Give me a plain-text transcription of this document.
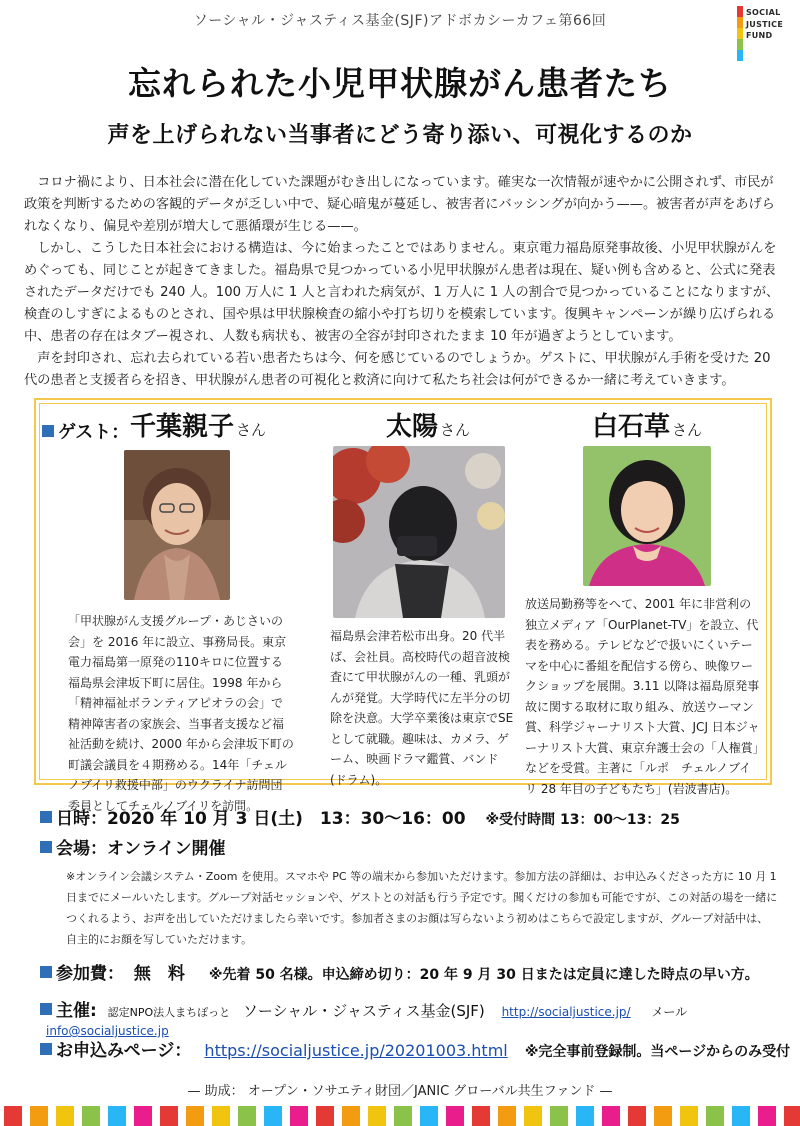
ソーシャル・ジャスティス基金(SJF)アドボカシーカフェ第66回
SOCIAL
JUSTICE
FUND
忘れられた小児甲状腺がん患者たち
声を上げられない当事者にどう寄り添い、可視化するのか

コロナ禍により、日本社会に潜在化していた課題がむき出しになっています。確実な一次情報が速やかに公開されず、市民が政策を判断するための客観的データが乏しい中で、疑心暗鬼が蔓延し、被害者にバッシングが向かう——。被害者が声をあげられなくなり、偏見や差別が増大して悪循環が生じる——。

しかし、こうした日本社会における構造は、今に始まったことではありません。東京電力福島原発事故後、小児甲状腺がんをめぐっても、同じことが起きてきました。福島県で見つかっている小児甲状腺がん患者は現在、疑い例も含めると、公式に発表されたデータだけでも 240 人。100 万人に 1 人と言われた病気が、1 万人に 1 人の割合で見つかっていることになりますが、検査のしすぎによるものとされ、国や県は甲状腺検査の縮小や打ち切りを模索しています。復興キャンペーンが繰り広げられる中、患者の存在はタブー視され、人数も病状も、被害の全容が封印されたまま 10 年が過ぎようとしています。

声を封印され、忘れ去られている若い患者たちは今、何を感じているのでしょうか。ゲストに、甲状腺がん手術を受けた 20 代の患者と支援者らを招き、甲状腺がん患者の可視化と救済に向けて私たち社会は何ができるか一緒に考えていきます。

ゲスト： 千葉親子 さん
「甲状腺がん支援グループ・あじさいの会」を 2016 年に設立、事務局長。東京電力福島第一原発の110キロに位置する福島県会津坂下町に居住。1998 年から「精神福祉ボランティアピオラの会」で精神障害者の家族会、当事者支援など福祉活動を続け、2000 年から会津坂下町の町議会議員を４期務める。14年「チェルノブイリ救援中部」のウクライナ訪問団委員としてチェルノブイリを訪問。
太陽 さん
福島県会津若松市出身。20 代半ば、会社員。高校時代の超音波検査にて甲状腺がんの一種、乳頭がんが発覚。大学時代に左半分の切除を決意。大学卒業後は東京でSE として就職。趣味は、カメラ、ゲーム、映画ドラマ鑑賞、バンド(ドラム)。
白石草 さん
放送局勤務等をへて、2001 年に非営利の独立メディア「OurPlanet-TV」を設立、代表を務める。テレビなどで扱いにくいテーマを中心に番組を配信する傍ら、映像ワークショップを展開。3.11 以降は福島原発事故に関する取材に取り組み、放送ウーマン賞、科学ジャーナリスト大賞、JCJ 日本ジャーナリスト大賞、東京弁護士会の「人権賞」などを受賞。主著に「ルポ　チェルノブイリ 28 年目の子どもたち」(岩波書店)。
日時：2020 年 10 月 3 日(土)　13：30〜16：00 ※受付時間 13：00〜13：25
会場：オンライン開催
※オンライン会議システム・Zoom を使用。スマホや PC 等の端末から参加いただけます。参加方法の詳細は、お申込みくださった方に 10 月 1 日までにメールいたします。グループ対話セッションや、ゲストとの対話も行う予定です。聞くだけの参加も可能ですが、この対話の場を一緒につくれるよう、お声を出していただけましたら幸いです。参加者さまのお顔は写らないよう初めはこちらで設定しますが、グループ対話中は、自主的にお顔を写していただけます。
参加費： 無　料 ※先着 50 名様。申込締め切り：20 年 9 月 30 日または定員に達した時点の早い方。
主催: 認定NPO法人まちぽっと ソーシャル・ジャスティス基金(SJF) http://socialjustice.jp/ メール info@socialjustice.jp
お申込みページ： https://socialjustice.jp/20201003.html ※完全事前登録制。当ページからのみ受付
— 助成： オープン・ソサエティ財団／JANIC グローバル共生ファンド —
